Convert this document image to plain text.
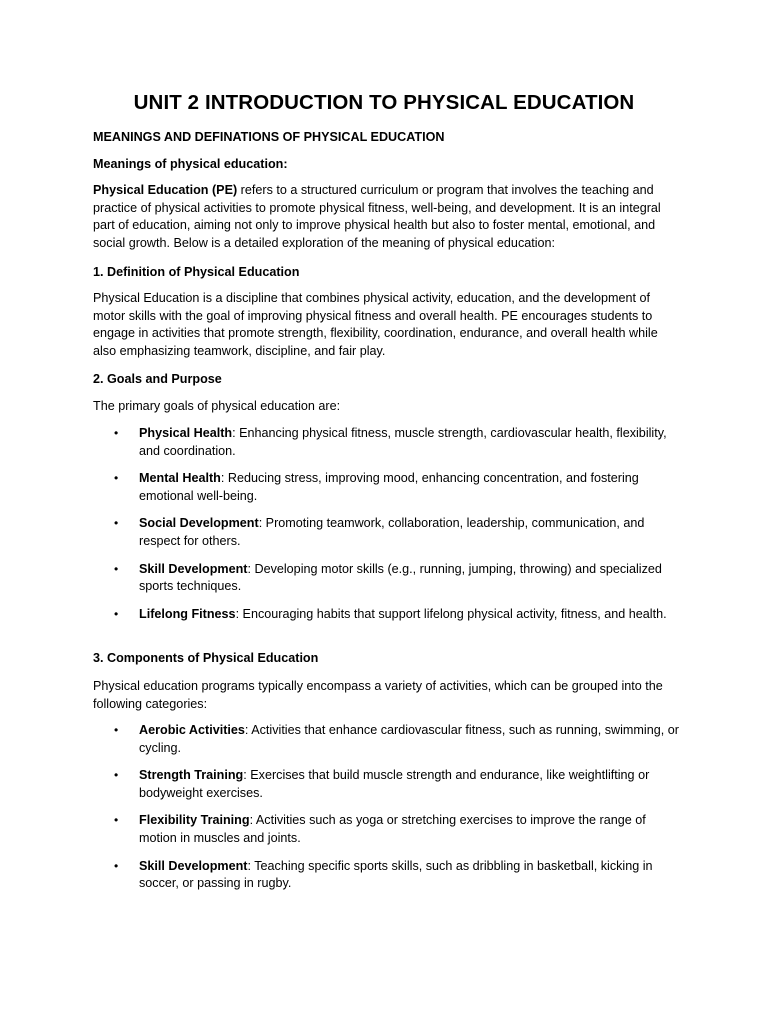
UNIT 2 INTRODUCTION TO PHYSICAL EDUCATION

MEANINGS AND DEFINATIONS OF PHYSICAL EDUCATION

Meanings of physical education:

Physical Education (PE) refers to a structured curriculum or program that involves the teaching and practice of physical activities to promote physical fitness, well-being, and development. It is an integral part of education, aiming not only to improve physical health but also to foster mental, emotional, and social growth. Below is a detailed exploration of the meaning of physical education:

1. Definition of Physical Education

Physical Education is a discipline that combines physical activity, education, and the development of motor skills with the goal of improving physical fitness and overall health. PE encourages students to engage in activities that promote strength, flexibility, coordination, endurance, and overall health while also emphasizing teamwork, discipline, and fair play.

2. Goals and Purpose

The primary goals of physical education are:

• Physical Health: Enhancing physical fitness, muscle strength, cardiovascular health, flexibility, and coordination.
• Mental Health: Reducing stress, improving mood, enhancing concentration, and fostering emotional well-being.
• Social Development: Promoting teamwork, collaboration, leadership, communication, and respect for others.
• Skill Development: Developing motor skills (e.g., running, jumping, throwing) and specialized sports techniques.
• Lifelong Fitness: Encouraging habits that support lifelong physical activity, fitness, and health.

3. Components of Physical Education

Physical education programs typically encompass a variety of activities, which can be grouped into the following categories:

• Aerobic Activities: Activities that enhance cardiovascular fitness, such as running, swimming, or cycling.
• Strength Training: Exercises that build muscle strength and endurance, like weightlifting or bodyweight exercises.
• Flexibility Training: Activities such as yoga or stretching exercises to improve the range of motion in muscles and joints.
• Skill Development: Teaching specific sports skills, such as dribbling in basketball, kicking in soccer, or passing in rugby.
